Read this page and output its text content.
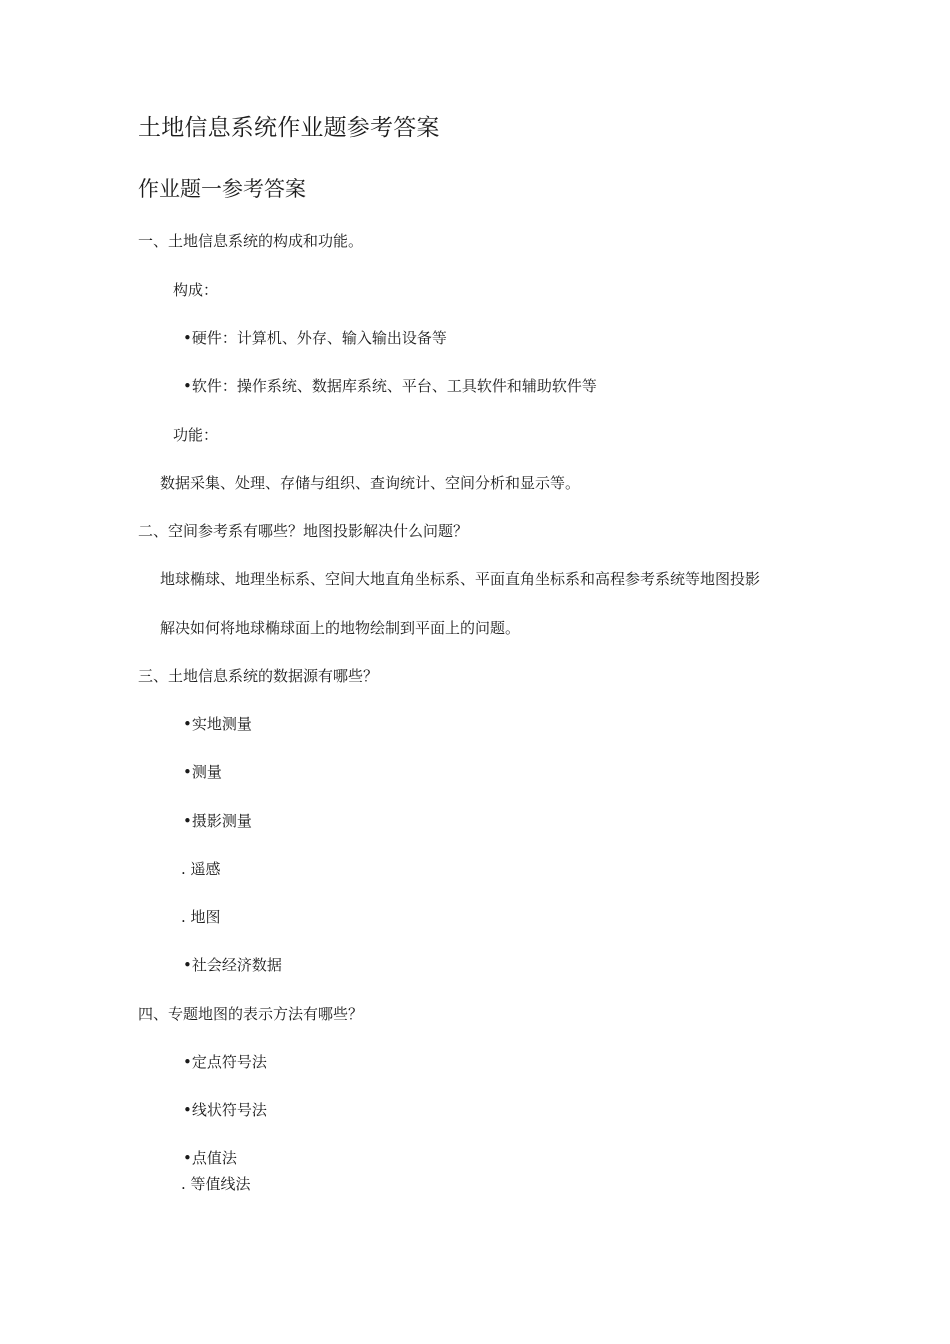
土地信息系统作业题参考答案
作业题一参考答案
一、土地信息系统的构成和功能。
构成：
•硬件：计算机、外存、输入输出设备等
•软件：操作系统、数据库系统、平台、工具软件和辅助软件等
功能：
数据采集、处理、存储与组织、查询统计、空间分析和显示等。
二、空间参考系有哪些？地图投影解决什么问题？
地球椭球、地理坐标系、空间大地直角坐标系、平面直角坐标系和高程参考系统等地图投影
解决如何将地球椭球面上的地物绘制到平面上的问题。
三、土地信息系统的数据源有哪些？
•实地测量
•测量
•摄影测量
. 遥感
. 地图
•社会经济数据
四、专题地图的表示方法有哪些？
•定点符号法
•线状符号法
•点值法
. 等值线法
